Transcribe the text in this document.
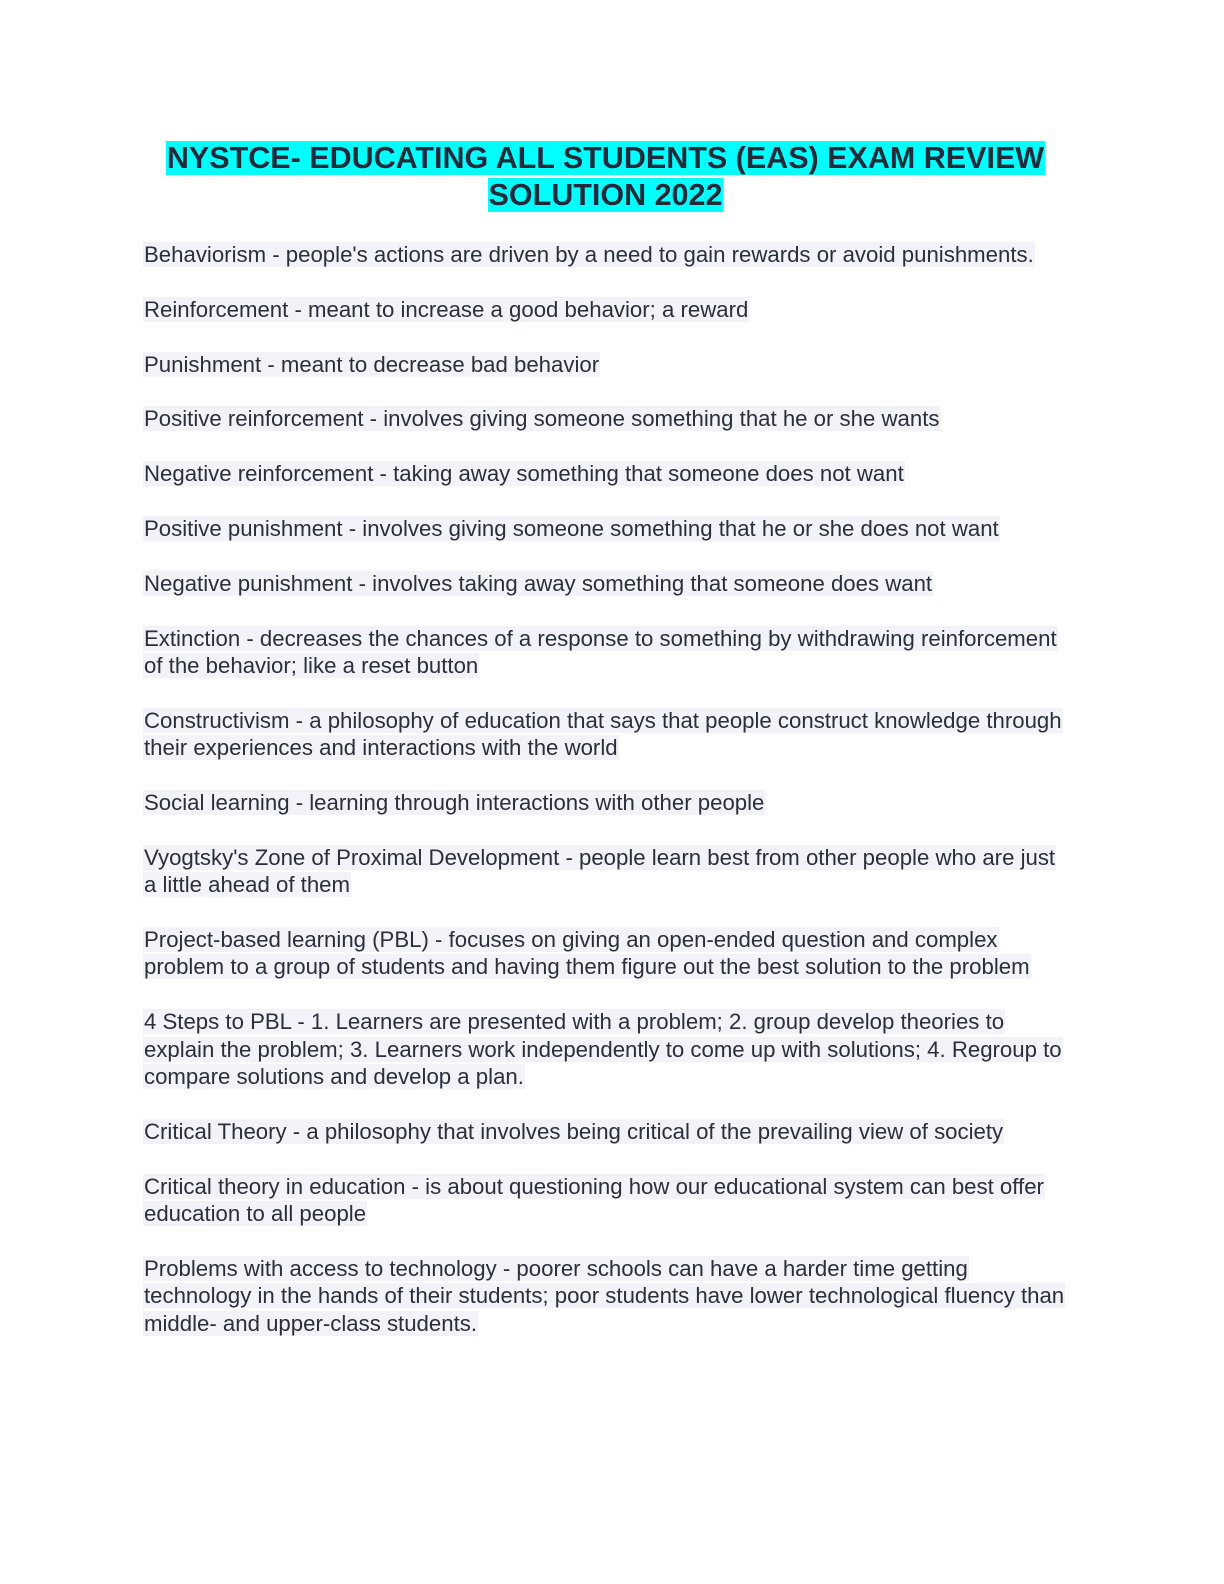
NYSTCE- EDUCATING ALL STUDENTS (EAS) EXAM REVIEW
SOLUTION 2022
Behaviorism - people's actions are driven by a need to gain rewards or avoid punishments.
Reinforcement - meant to increase a good behavior; a reward
Punishment - meant to decrease bad behavior
Positive reinforcement - involves giving someone something that he or she wants
Negative reinforcement - taking away something that someone does not want
Positive punishment - involves giving someone something that he or she does not want
Negative punishment - involves taking away something that someone does want
Extinction - decreases the chances of a response to something by withdrawing reinforcement of the behavior; like a reset button
Constructivism - a philosophy of education that says that people construct knowledge through their experiences and interactions with the world
Social learning - learning through interactions with other people
Vyogtsky's Zone of Proximal Development - people learn best from other people who are just a little ahead of them
Project-based learning (PBL) - focuses on giving an open-ended question and complex problem to a group of students and having them figure out the best solution to the problem
4 Steps to PBL - 1. Learners are presented with a problem; 2. group develop theories to explain the problem; 3. Learners work independently to come up with solutions; 4. Regroup to compare solutions and develop a plan.
Critical Theory - a philosophy that involves being critical of the prevailing view of society
Critical theory in education - is about questioning how our educational system can best offer education to all people
Problems with access to technology - poorer schools can have a harder time getting technology in the hands of their students; poor students have lower technological fluency than middle- and upper-class students.
